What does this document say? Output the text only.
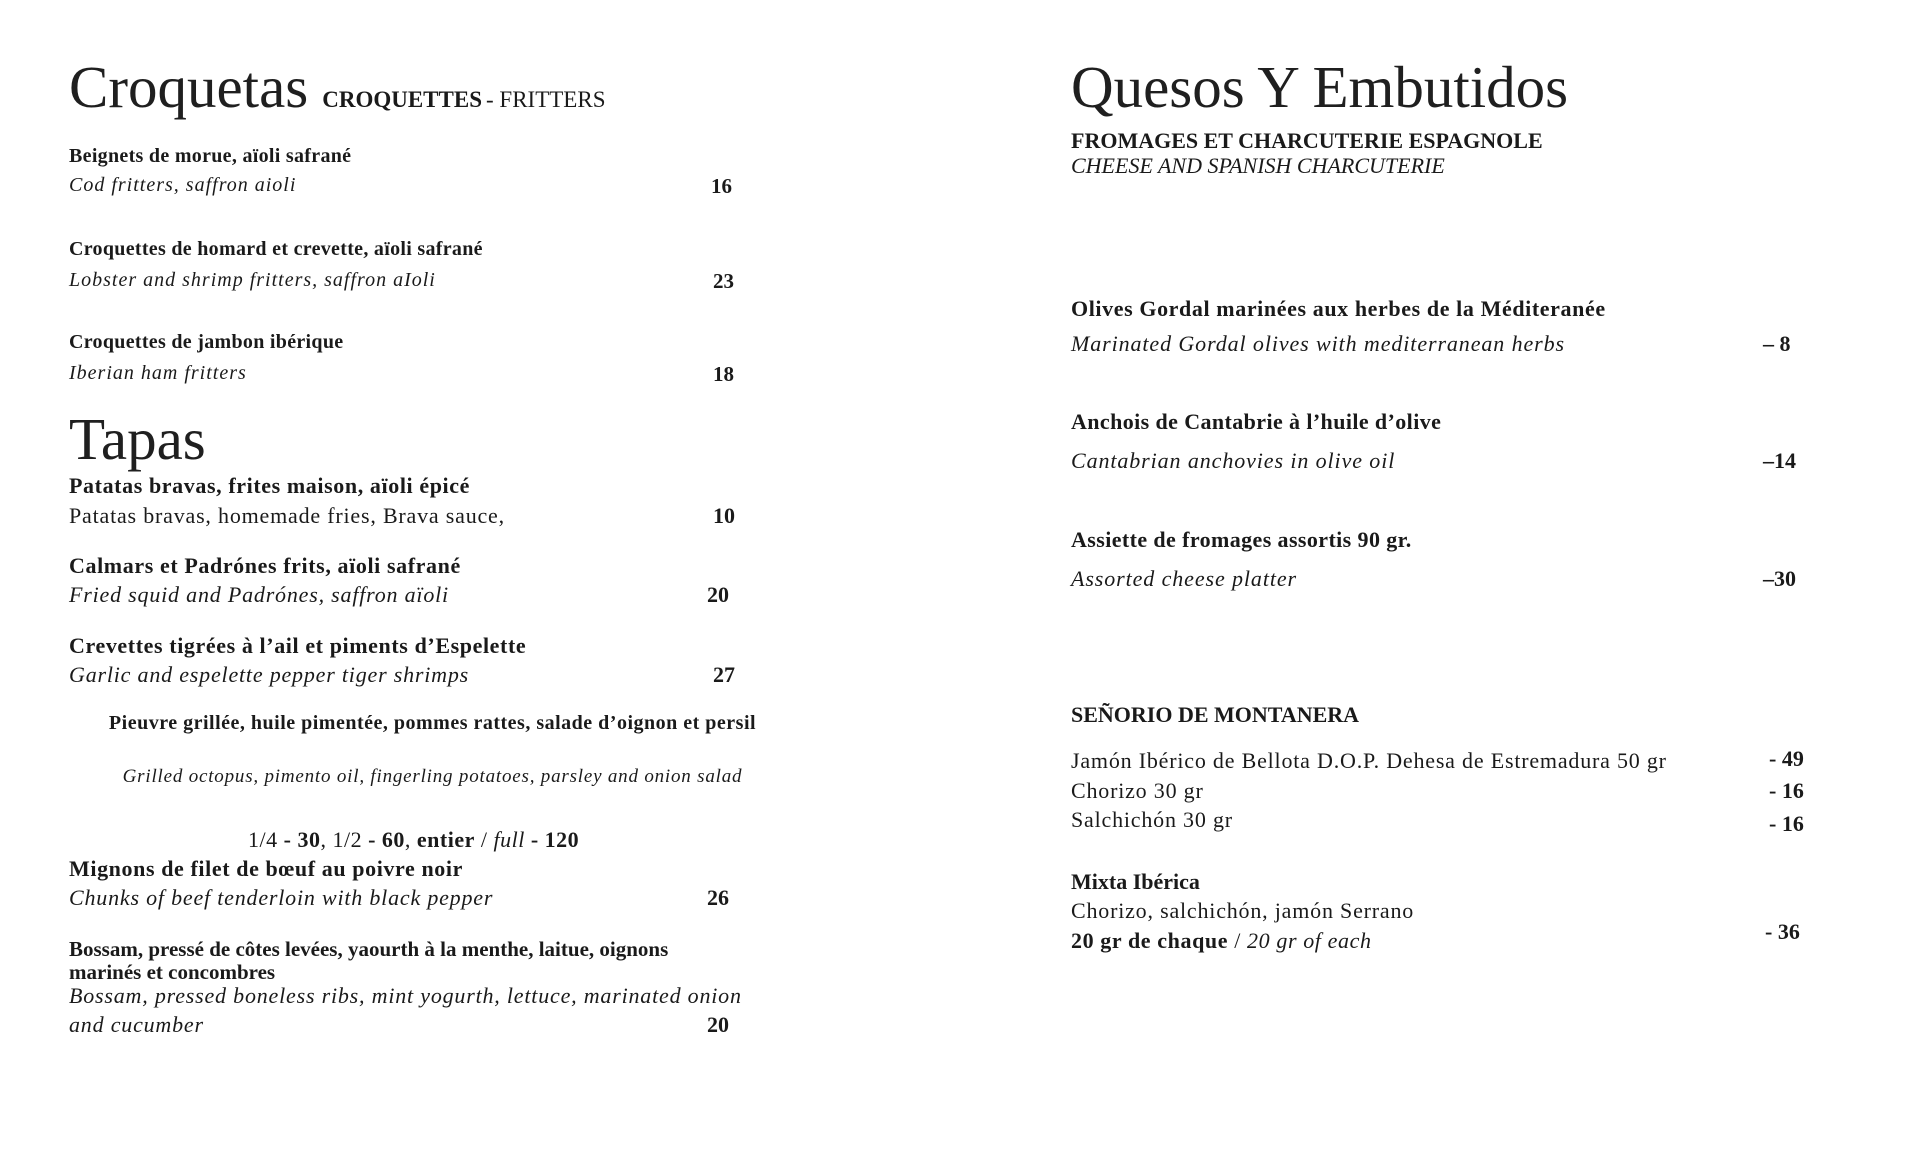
Croquetas CROQUETTES - FRITTERS
Beignets de morue, aïoli safrané
Cod fritters, saffron aioli	16
Croquettes de homard et crevette, aïoli safrané
Lobster and shrimp fritters, saffron aIoli	23
Croquettes de jambon ibérique
Iberian ham fritters	18
Tapas
Patatas bravas, frites maison, aïoli épicé
Patatas bravas, homemade fries, Brava sauce,	10
Calmars et Padrónes frits, aïoli safrané
Fried squid and Padrónes, saffron aïoli	20
Crevettes tigrées à l’ail et piments d’Espelette
Garlic and espelette pepper tiger shrimps	27
Pieuvre grillée, huile pimentée, pommes rattes, salade d’oignon et persil
Grilled octopus, pimento oil, fingerling potatoes, parsley and onion salad
1/4 - 30, 1/2 - 60, entier / full - 120
Mignons de filet de bœuf au poivre noir
Chunks of beef tenderloin with black pepper	26
Bossam, pressé de côtes levées, yaourth à la menthe, laitue, oignons
marinés et concombres
Bossam, pressed boneless ribs, mint yogurth, lettuce, marinated onion
and cucumber	20
Quesos Y Embutidos
FROMAGES ET CHARCUTERIE ESPAGNOLE
CHEESE AND SPANISH CHARCUTERIE
Olives Gordal marinées aux herbes de la Méditeranée
Marinated Gordal olives with mediterranean herbs	– 8
Anchois de Cantabrie à l’huile d’olive
Cantabrian anchovies in olive oil	–14
Assiette de fromages assortis 90 gr.
Assorted cheese platter	–30
SEÑORIO DE MONTANERA
Jamón Ibérico de Bellota D.O.P. Dehesa de Estremadura 50 gr	- 49
Chorizo 30 gr	- 16
Salchichón 30 gr	- 16
Mixta Ibérica
Chorizo, salchichón, jamón Serrano
20 gr de chaque / 20 gr of each	- 36
